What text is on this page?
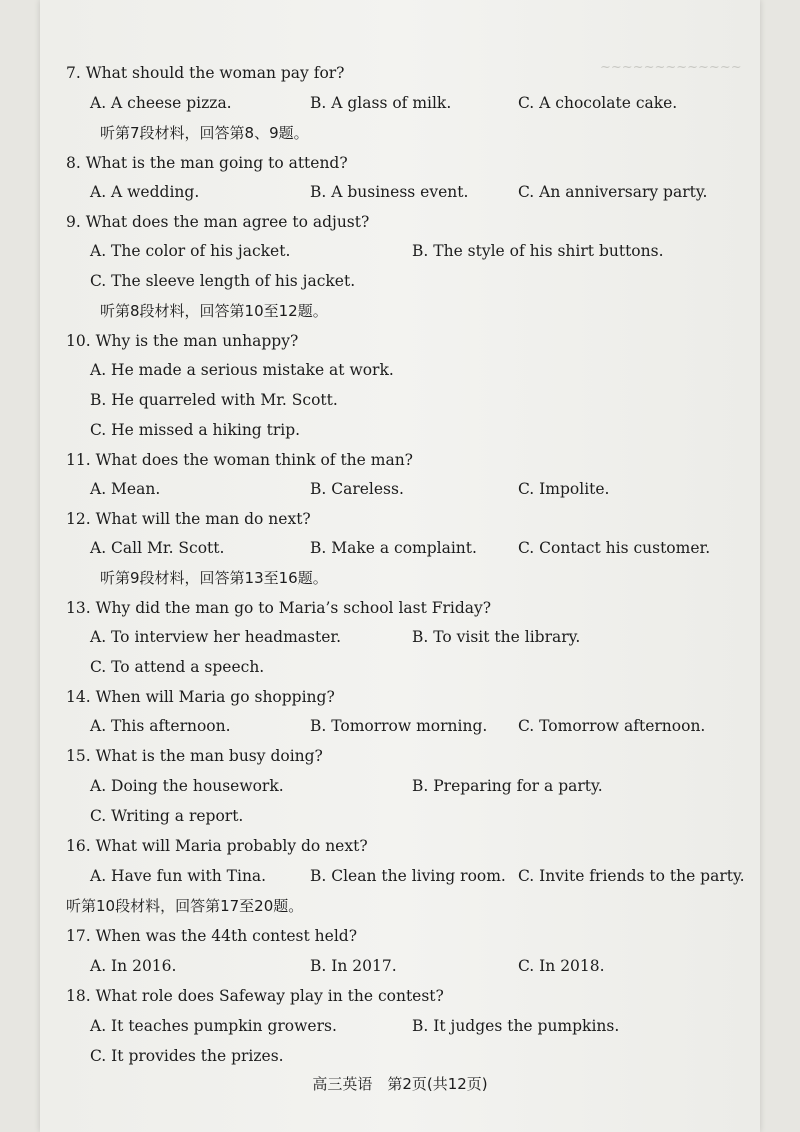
~~~~~~~~~~~~~
7. What should the woman pay for?
A. A cheese pizza.	B. A glass of milk.	C. A chocolate cake.
听第7段材料，回答第8、9题。
8. What is the man going to attend?
A. A wedding.	B. A business event.	C. An anniversary party.
9. What does the man agree to adjust?
A. The color of his jacket.	B. The style of his shirt buttons.
C. The sleeve length of his jacket.
听第8段材料，回答第10至12题。
10. Why is the man unhappy?
A. He made a serious mistake at work.
B. He quarreled with Mr. Scott.
C. He missed a hiking trip.
11. What does the woman think of the man?
A. Mean.	B. Careless.	C. Impolite.
12. What will the man do next?
A. Call Mr. Scott.	B. Make a complaint.	C. Contact his customer.
听第9段材料，回答第13至16题。
13. Why did the man go to Maria’s school last Friday?
A. To interview her headmaster.	B. To visit the library.
C. To attend a speech.
14. When will Maria go shopping?
A. This afternoon.	B. Tomorrow morning. C. Tomorrow afternoon.
15. What is the man busy doing?
A. Doing the housework.	B. Preparing for a party.
C. Writing a report.
16. What will Maria probably do next?
A. Have fun with Tina.	B. Clean the living room. C. Invite friends to the party.
听第10段材料，回答第17至20题。
17. When was the 44th contest held?
A. In 2016.	B. In 2017.	C. In 2018.
18. What role does Safeway play in the contest?
A. It teaches pumpkin growers.	B. It judges the pumpkins.
C. It provides the prizes.
高三英语　第2页(共12页)
